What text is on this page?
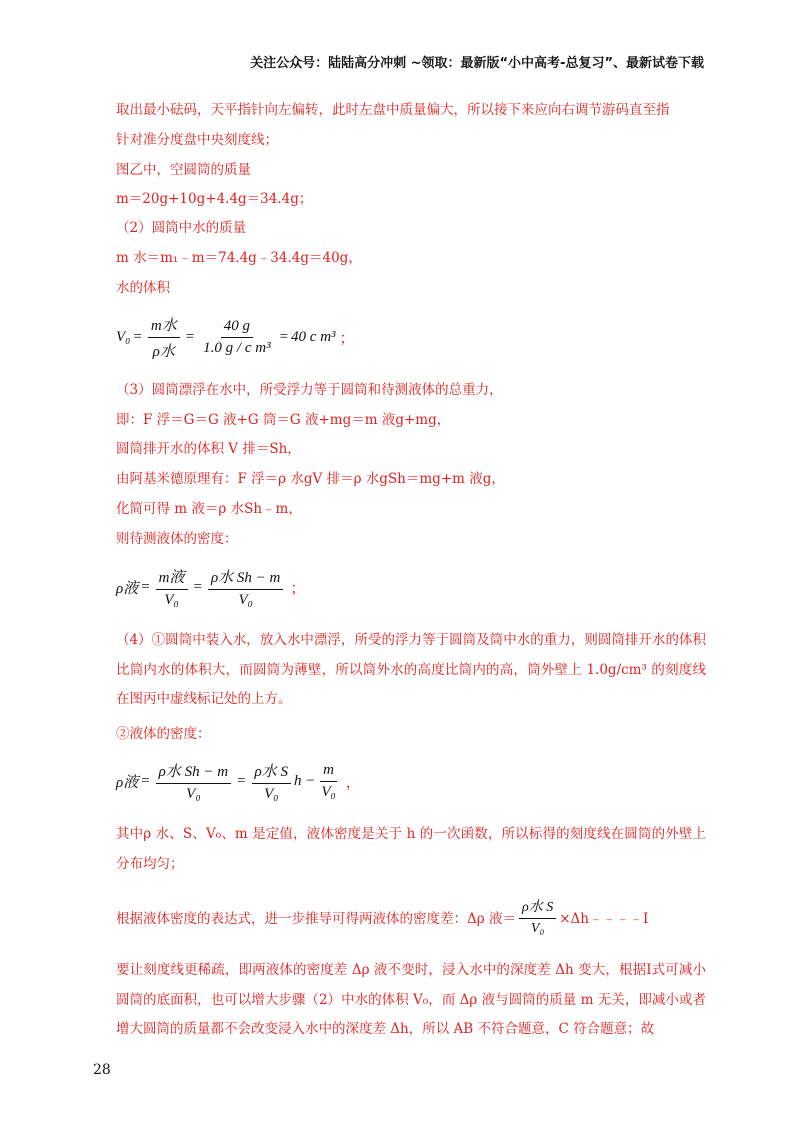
关注公众号：陆陆高分冲刺 ~领取：最新版“小中高考-总复习”、最新试卷下载
取出最小砝码，天平指针向左偏转，此时左盘中质量偏大，所以接下来应向右调节游码直至指
针对准分度盘中央刻度线；
图乙中，空圆筒的质量
m＝20g+10g+4.4g＝34.4g；
（2）圆筒中水的质量
m 水＝m₁﹣m＝74.4g﹣34.4g＝40g，
水的体积
$V_0 = \frac{\text{m水}}{\text{ρ水}} = \frac{40 g}{\text{1.0 g / c m³}} = 40$ c m³ ；
（3）圆筒漂浮在水中，所受浮力等于圆筒和待测液体的总重力，
即：F 浮＝G＝G 液+G 筒＝G 液+mg＝m 液g+mg，
圆筒排开水的体积 V 排＝Sh，
由阿基米德原理有：F 浮＝ρ 水gV 排＝ρ 水gSh＝mg+m 液g，
化简可得 m 液＝ρ 水Sh﹣m，
则待测液体的密度：
ρ液 = $\frac{\text{m液}}{\text{V₀}} = \frac{\text{ρ水 Sh − m}}{\text{V₀}}$ ；
（4）①圆筒中装入水，放入水中漂浮，所受的浮力等于圆筒及筒中水的重力，则圆筒排开水的体积比筒内水的体积大，而圆筒为薄壁，所以筒外水的高度比筒内的高，筒外壁上 1.0g/cm³ 的刻度线在图丙中虚线标记处的上方。
②液体的密度：
ρ液 = $\frac{\text{ρ水 Sh − m}}{\text{V₀}} = \frac{\text{ρ水 S}}{\text{V₀}}$ $h - \frac{m}{\text{V₀}}$ ，
其中ρ 水、S、V₀、m 是定值，液体密度是关于 h 的一次函数，所以标得的刻度线在圆筒的外壁上分布均匀；
根据液体密度的表达式，进一步推导可得两液体的密度差：Δρ 液＝ $\frac{\text{ρ水 S}}{\text{V₀}}$ ×Δh﹣﹣﹣﹣Ⅰ
要让刻度线更稀疏，即两液体的密度差 Δρ 液不变时，浸入水中的深度差 Δh 变大，根据Ⅰ式可减小圆筒的底面积，也可以增大步骤（2）中水的体积 V₀，而 Δρ 液与圆筒的质量 m 无关，即减小或者增大圆筒的质量都不会改变浸入水中的深度差 Δh，所以 AB 不符合题意，C 符合题意；故
28
